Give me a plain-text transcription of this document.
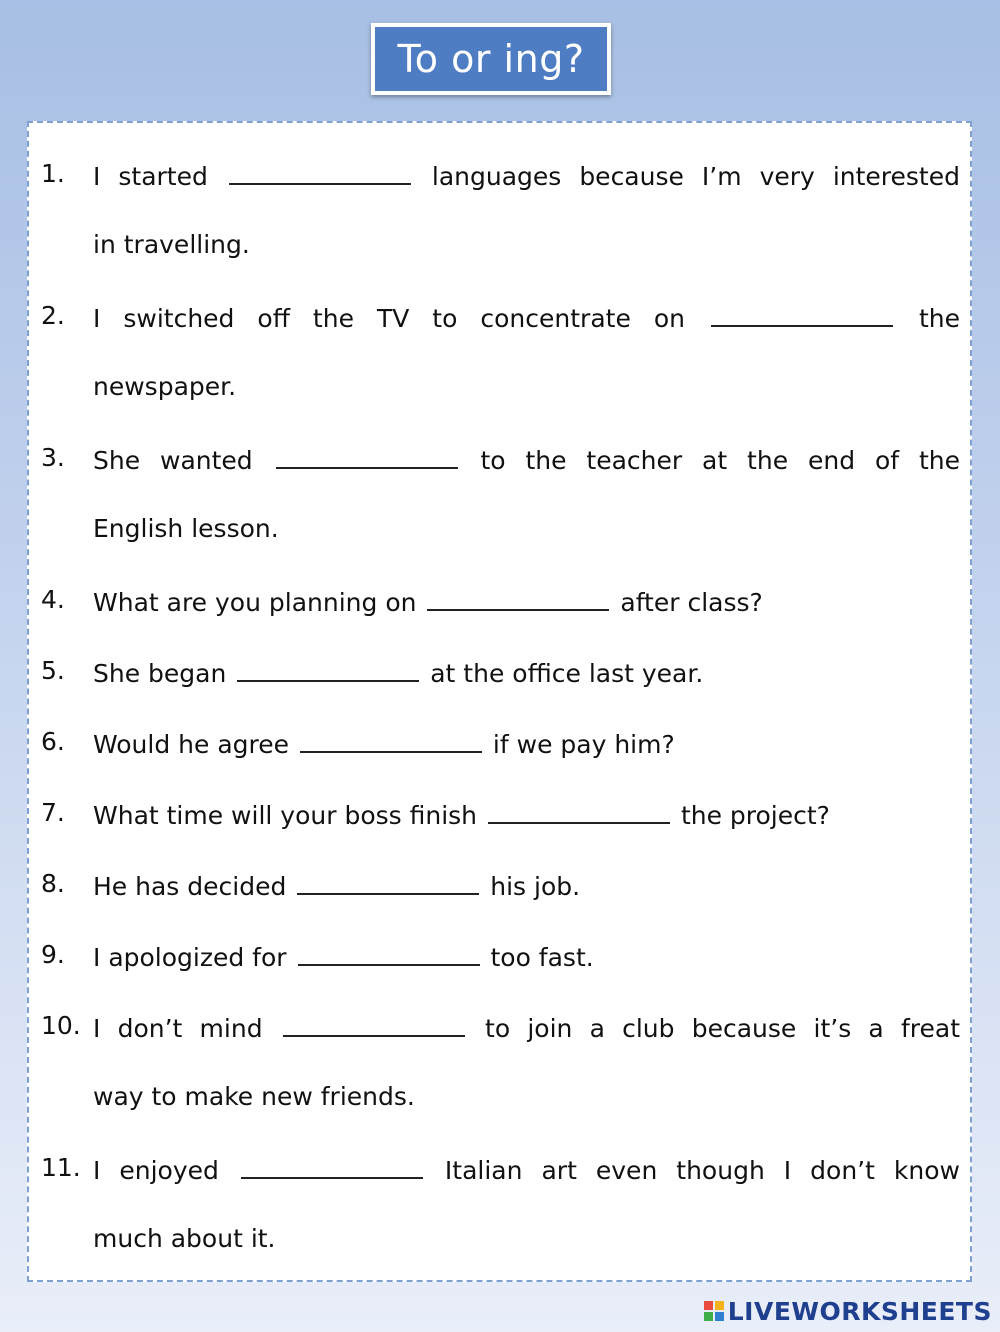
To or ing?
1. I started	languages because I’m very interested
in travelling.
2. I switched off the TV to concentrate on	the
newspaper.
3. She wanted	to the teacher at the end of the
English lesson.
4. What are you planning on	after class?
5. She began	at the office last year.
6. Would he agree	if we pay him?
7. What time will your boss finish	the project?
8. He has decided	his job.
9. I apologized for	too fast.
10. I don’t mind	to join a club because it’s a freat
way to make new friends.
11. I enjoyed	Italian art even though I don’t know
much about it.
LIVEWORKSHEETS
